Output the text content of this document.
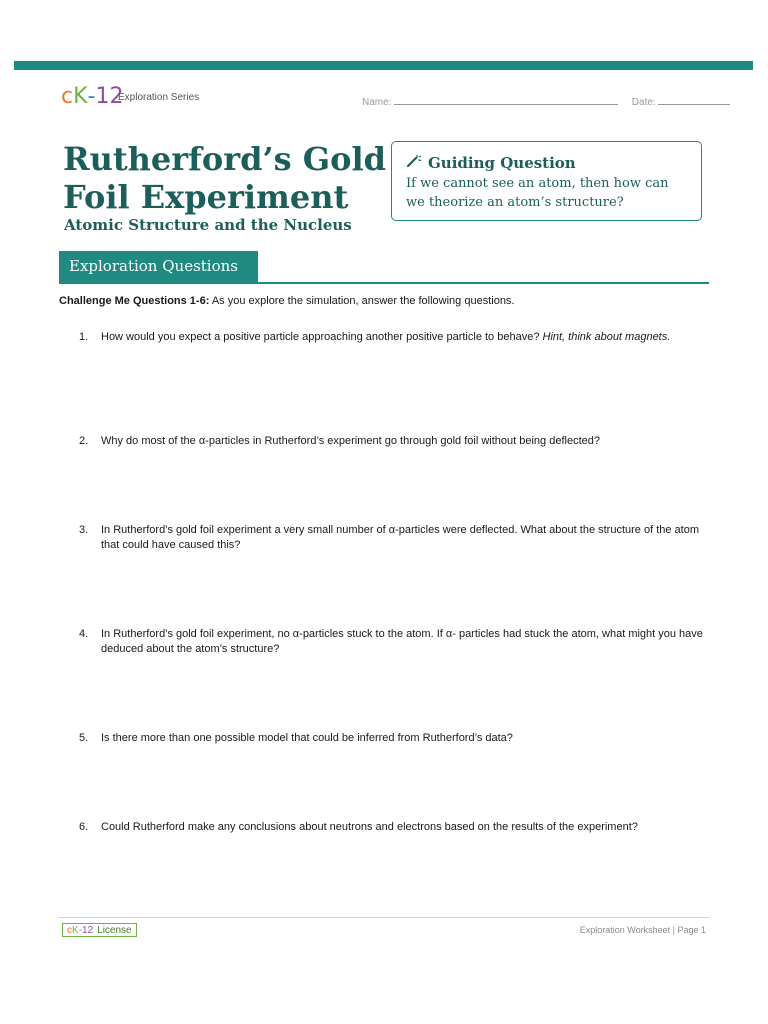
c K - 12
Exploration Series	Name:	Date:
Rutherford’s Gold
Foil Experiment
Atomic Structure and the Nucleus
Guiding Question
If we cannot see an atom, then how can we theorize an atom’s structure?
Exploration Questions
Challenge Me Questions 1-6: As you explore the simulation, answer the following questions.
1.	How would you expect a positive particle approaching another positive particle to behave? Hint, think about magnets.
2.	Why do most of the α-particles in Rutherford’s experiment go through gold foil without being deflected?
3.	In Rutherford’s gold foil experiment a very small number of α-particles were deflected. What about the structure of the atom that could have caused this?
4.	In Rutherford’s gold foil experiment, no α-particles stuck to the atom. If α- particles had stuck the atom, what might you have deduced about the atom’s structure?
5.	Is there more than one possible model that could be inferred from Rutherford’s data?
6.	Could Rutherford make any conclusions about neutrons and electrons based on the results of the experiment?
c K - 12 License	Exploration Worksheet | Page 1
